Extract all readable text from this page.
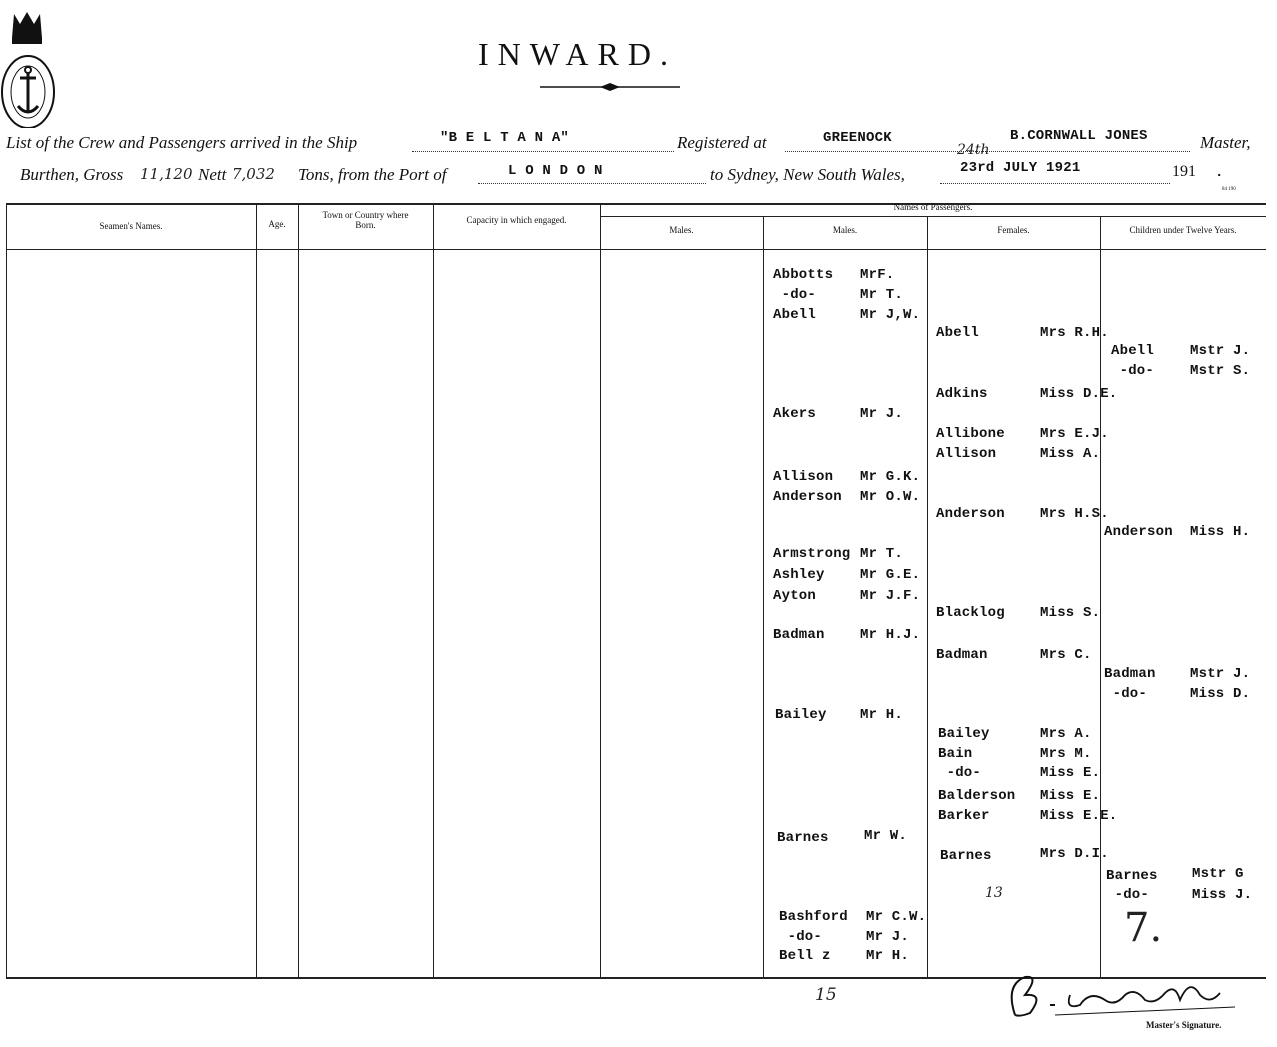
INWARD.
List of the Crew and Passengers arrived in the Ship	"B E L T A N A"	Registered at	GREENOCK	B.CORNWALL JONES	Master,
Burthen, Gross 11,120 Nett 7,032 Tons, from the Port of	L O N D O N	to Sydney, New South Wales,
24th
23rd JULY 1921	191 .
84 190
Seamen's Names.	Age.
Town or Country where Born.	Capacity in which engaged.
Names of Passengers.
Males.	Males.	Females.	Children under Twelve Years.
Abbotts MrF.
-do-	Mr T.
Abell	Mr J,W.
Akers	Mr J.
Allison Mr G.K.
Anderson Mr O.W.
Armstrong Mr T.
Ashley	Mr G.E.
Ayton	Mr J.F.
Badman	Mr H.J.
Bailey Mr H.
Barnes	Mr W.
Bashford Mr C.W.
-do-	Mr J.
Bell z	Mr H.
Abell	Mrs R.H.
Adkins	Miss D.E.
Allibone	Mrs E.J.
Allison	Miss A.
Anderson	Mrs H.S.
Blacklog	Miss S.
Badman	Mrs C.
Bailey	Mrs A.
Bain	Mrs M.
-do-	Miss E.
Balderson Miss E.
Barker	Miss E.E.
Barnes	Mrs D.I.
Abell	Mstr J.
-do-	Mstr S.
Anderson Miss H.
Badman Mstr J.
-do-	Miss D.
Barnes Mstr G
-do-	Miss J.
15
13
7.
Master's Signature.
